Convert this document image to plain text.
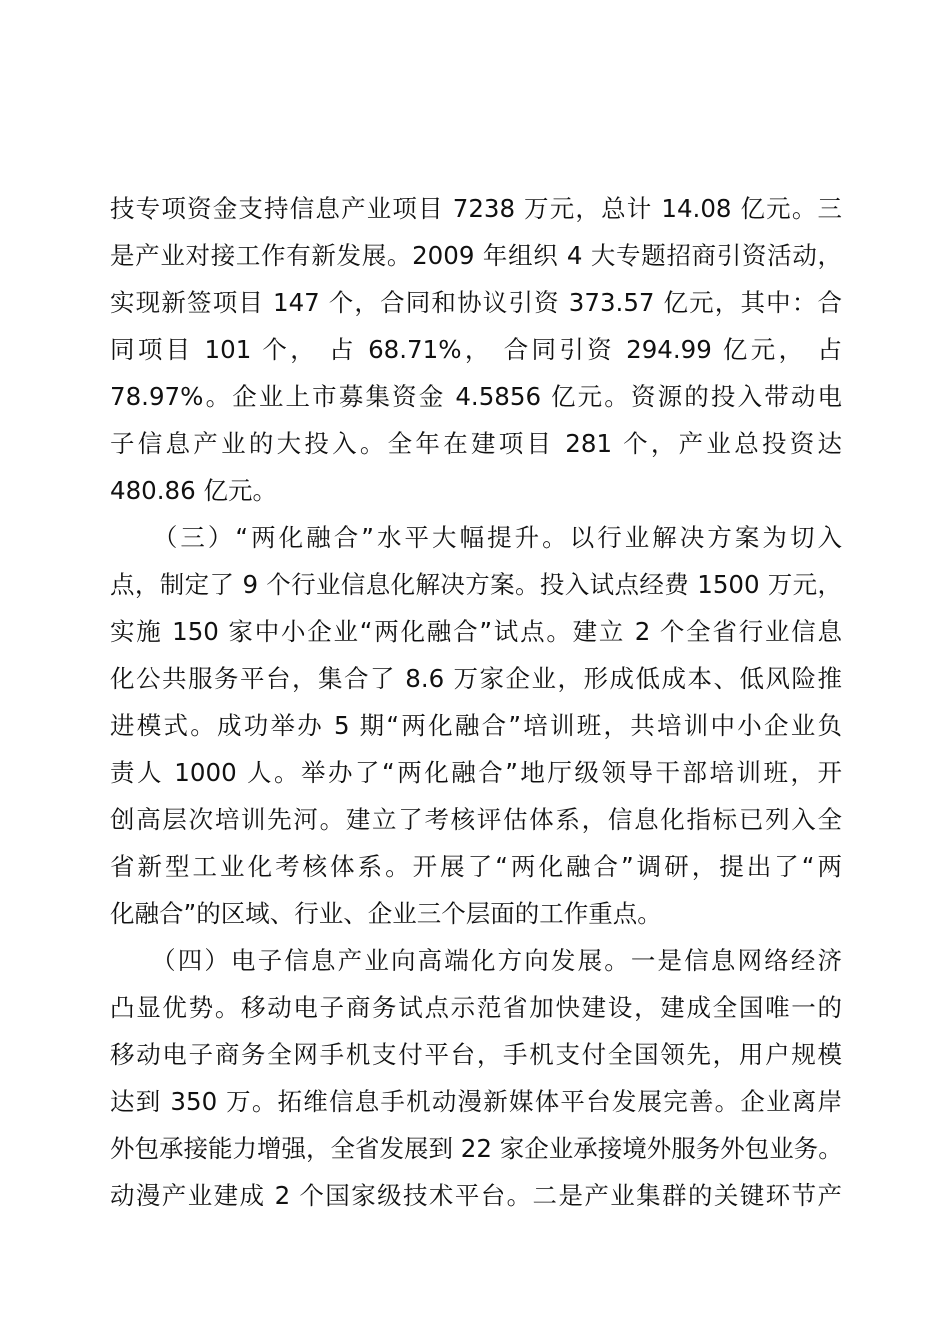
技专项资金支持信息产业项目 7238 万元，总计 14.08 亿元。三
是产业对接工作有新发展。2009 年组织 4 大专题招商引资活动，
实现新签项目 147 个，合同和协议引资 373.57 亿元，其中：合
同项目 101 个， 占 68.71%， 合同引资 294.99 亿元， 占
78.97%。企业上市募集资金 4.5856 亿元。资源的投入带动电
子信息产业的大投入。全年在建项目 281 个，产业总投资达
480.86 亿元。
　　（三）“两化融合”水平大幅提升。以行业解决方案为切入
点，制定了 9 个行业信息化解决方案。投入试点经费 1500 万元，
实施 150 家中小企业“两化融合”试点。建立 2 个全省行业信息
化公共服务平台，集合了 8.6 万家企业，形成低成本、低风险推
进模式。成功举办 5 期“两化融合”培训班，共培训中小企业负
责人 1000 人。举办了“两化融合”地厅级领导干部培训班，开
创高层次培训先河。建立了考核评估体系，信息化指标已列入全
省新型工业化考核体系。开展了“两化融合”调研，提出了“两
化融合”的区域、行业、企业三个层面的工作重点。
　　（四）电子信息产业向高端化方向发展。一是信息网络经济
凸显优势。移动电子商务试点示范省加快建设，建成全国唯一的
移动电子商务全网手机支付平台，手机支付全国领先，用户规模
达到 350 万。拓维信息手机动漫新媒体平台发展完善。企业离岸
外包承接能力增强，全省发展到 22 家企业承接境外服务外包业务。
动漫产业建成 2 个国家级技术平台。二是产业集群的关键环节产
